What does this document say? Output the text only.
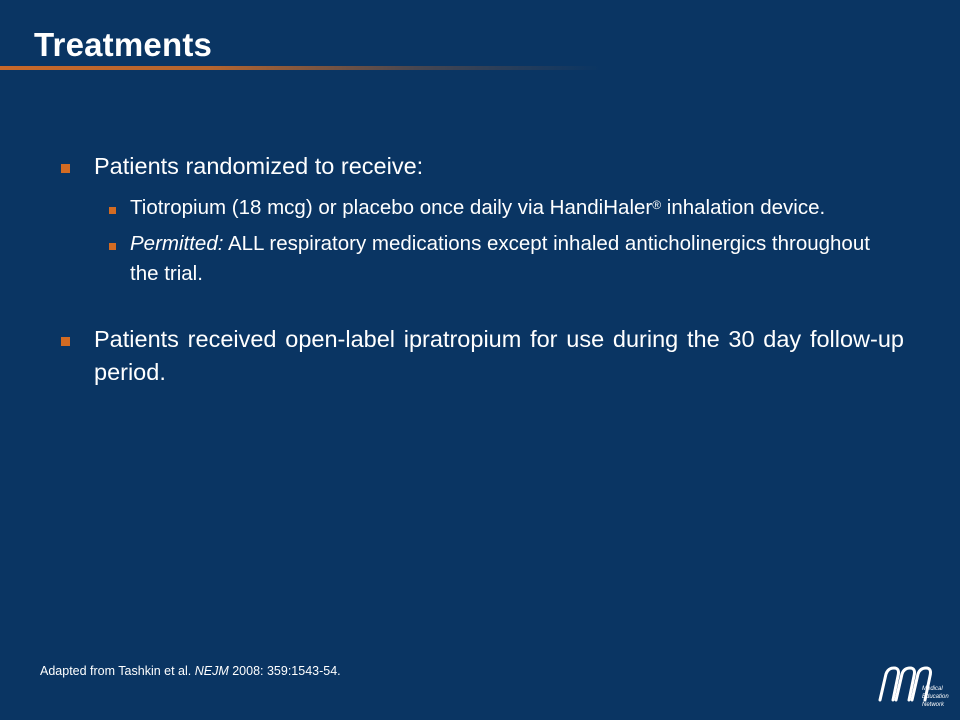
Treatments
Patients randomized to receive:
Tiotropium (18 mcg) or placebo once daily via HandiHaler® inhalation device.
Permitted: ALL respiratory medications except inhaled anticholinergics throughout the trial.
Patients received open-label ipratropium for use during the 30 day follow-up period.
Adapted from Tashkin et al. NEJM 2008: 359:1543-54.
Medical
Education
Network
